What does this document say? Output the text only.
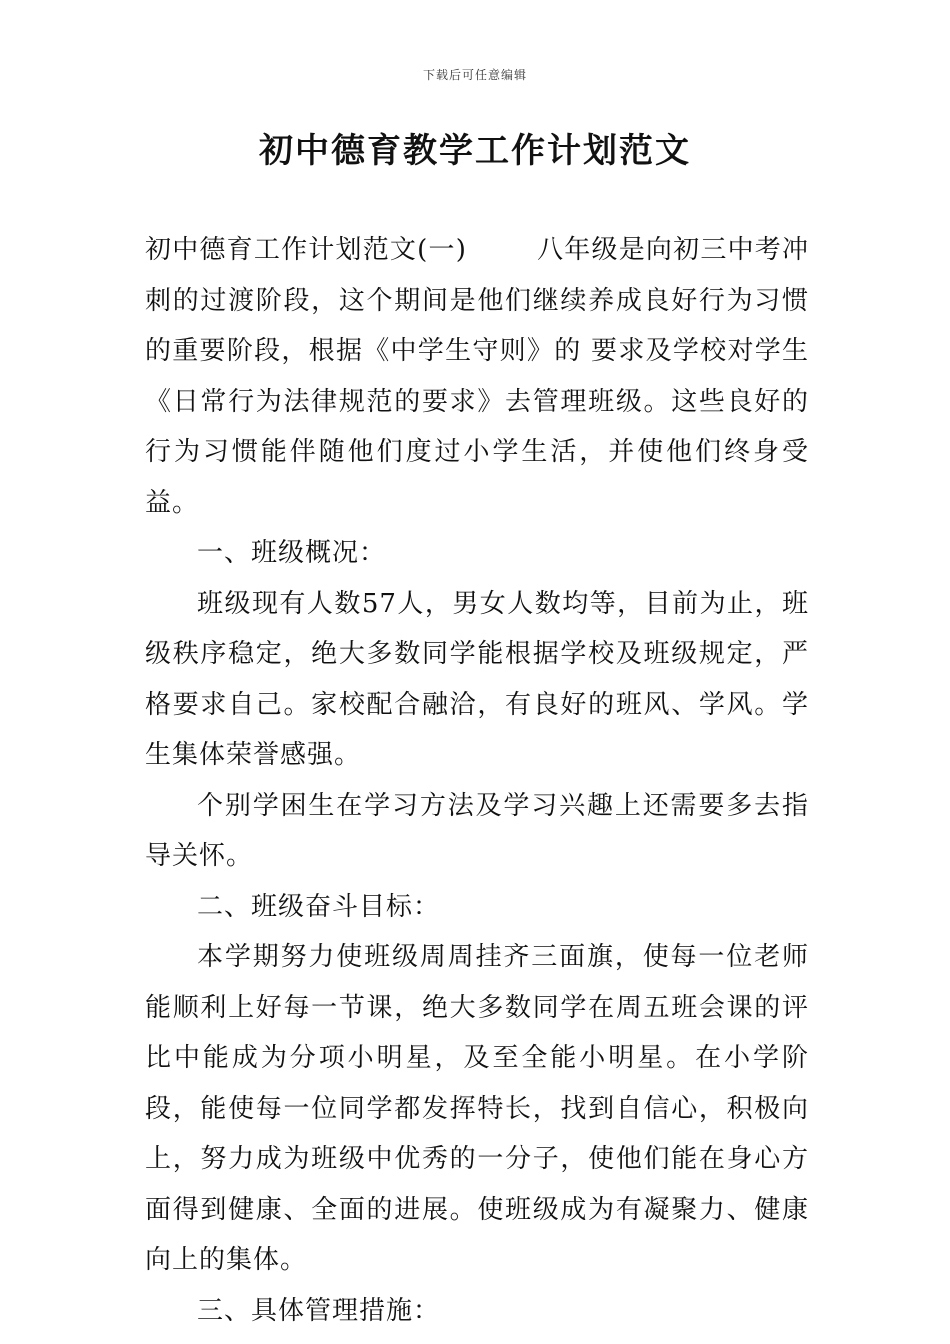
下载后可任意编辑
初中德育教学工作计划范文

初中德育工作计划范文(一)	八年级是向初三中考冲刺的过渡阶段，这个期间是他们继续养成良好行为习惯的重要阶段，根据《中学生守则》的 要求及学校对学生《日常行为法律规范的要求》去管理班级。这些良好的行为习惯能伴随他们度过小学生活，并使他们终身受益。

一、班级概况：

班级现有人数57人，男女人数均等，目前为止，班级秩序稳定，绝大多数同学能根据学校及班级规定，严格要求自己。家校配合融洽，有良好的班风、学风。学生集体荣誉感强。

个别学困生在学习方法及学习兴趣上还需要多去指导关怀。

二、班级奋斗目标：

本学期努力使班级周周挂齐三面旗，使每一位老师能顺利上好每一节课，绝大多数同学在周五班会课的评比中能成为分项小明星，及至全能小明星。在小学阶段，能使每一位同学都发挥特长，找到自信心，积极向上，努力成为班级中优秀的一分子，使他们能在身心方面得到健康、全面的进展。使班级成为有凝聚力、健康向上的集体。

三、具体管理措施：
